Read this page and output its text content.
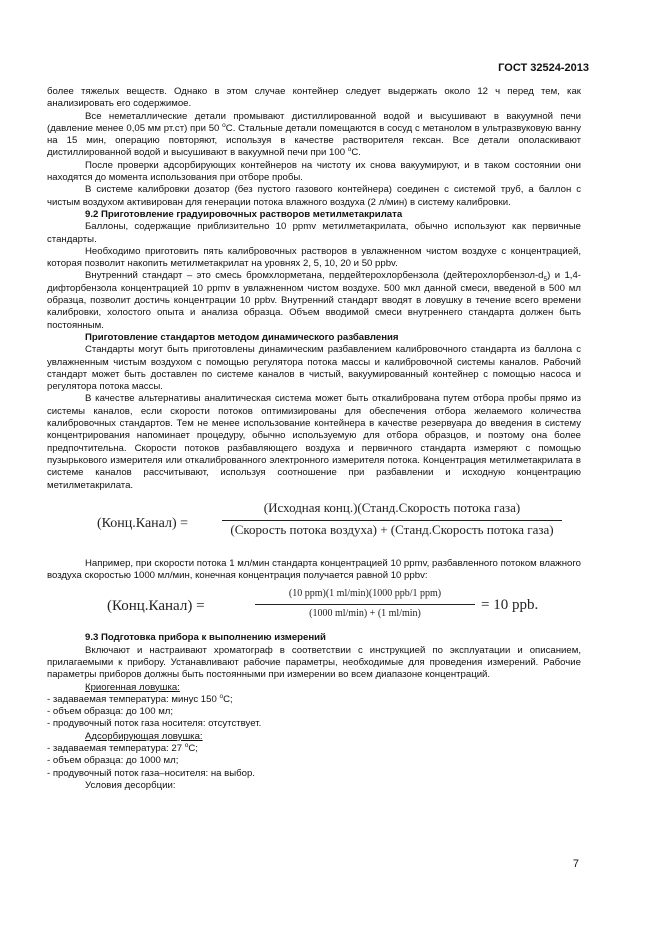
ГОСТ 32524-2013

более тяжелых веществ. Однако в этом случае контейнер следует выдержать около 12 ч перед тем, как анализировать его содержимое.

Все неметаллические детали промывают дистиллированной водой и высушивают в вакуумной печи (давление менее 0,05 мм рт.ст) при 50 $^o$C. Стальные детали помещаются в сосуд с метанолом в ультразвуковую ванну на 15 мин, операцию повторяют, используя в качестве растворителя гексан. Все детали ополаскивают дистиллированной водой и высушивают в вакуумной печи при 100 $^o$C.

После проверки адсорбирующих контейнеров на чистоту их снова вакуумируют, и в таком состоянии они находятся до момента использования при отборе пробы.

В системе калибровки дозатор (без пустого газового контейнера) соединен с системой труб, а баллон с чистым воздухом активирован для генерации потока влажного воздуха (2 л/мин) в систему калибровки.

9.2 Приготовление градуировочных растворов метилметакрилата

Баллоны, содержащие приблизительно 10 ppmv метилметакрилата, обычно используют как первичные стандарты.

Необходимо приготовить пять калибровочных растворов в увлажненном чистом воздухе с концентрацией, которая позволит накопить метилметакрилат на уровнях 2, 5, 10, 20 и 50 ppbv.

Внутренний стандарт – это смесь бромхлорметана, пердейтерохлорбензола $(дейтерохлорбензол-d_5)$ и 1,4-дифторбензола концентрацией 10 ppmv в увлажненном чистом воздухе. 500 мкл данной смеси, введеной в 500 мл образца, позволит достичь концентрации 10 ppbv. Внутренний стандарт вводят в ловушку в течение всего времени калибровки, холостого опыта и анализа образца. Объем вводимой смеси внутреннего стандарта должен быть постоянным.

Приготовление стандартов методом динамического разбавления

Стандарты могут быть приготовлены динамическим разбавлением калибровочного стандарта из баллона с увлажненным чистым воздухом с помощью регулятора потока массы и калибровочной системы каналов. Рабочий стандарт может быть доставлен по системе каналов в чистый, вакуумированный контейнер с помощью насоса и регулятора потока массы.

В качестве альтернативы аналитическая система может быть откалибрована путем отбора пробы прямо из системы каналов, если скорости потоков оптимизированы для обеспечения отбора желаемого количества калибровочных стандартов. Тем не менее использование контейнера в качестве резервуара до введения в систему концентрирования напоминает процедуру, обычно используемую для отбора образцов, и поэтому она более предпочтительна. Скорости потоков разбавляющего воздуха и первичного стандарта измеряют с помощью пузырькового измерителя или откалиброванного электронного измерителя потока. Концентрация метилметакрилата в системе каналов рассчитывают, используя соотношение при разбавлении и исходную концентрацию метилметакрилата.

(Конц.Канал) =
(Исходная конц.)(Станд.Скорость потока газа)
(Скорость потока воздуха) + (Станд.Скорость потока газа)

Например, при скорости потока 1 мл/мин стандарта концентрацией 10 ppmv, разбавленного потоком влажного воздуха скоростью 1000 мл/мин, конечная концентрация получается равной 10 ppbv:

(Конц.Канал) =
(10 ppm)(1 ml/min)(1000 ppb/1 ppm)
(1000 ml/min) + (1 ml/min)
= 10 ppb.

9.3 Подготовка прибора к выполнению измерений

Включают и настраивают хроматограф в соответствии с инструкцией по эксплуатации и описанием, прилагаемыми к прибору. Устанавливают рабочие параметры, необходимые для проведения измерений. Рабочие параметры приборов должны быть постоянными при измерении во всем диапазоне концентраций.

Криогенная ловушка:

- задаваемая температура: минус 150 $^o$С;

- объем образца: до 100 мл;

- продувочный поток газа носителя: отсутствует.

Адсорбирующая ловушка:

- задаваемая температура: 27 $^o$С;

- объем образца: до 1000 мл;

- продувочный поток газа–носителя: на выбор.

Условия десорбции:

7
